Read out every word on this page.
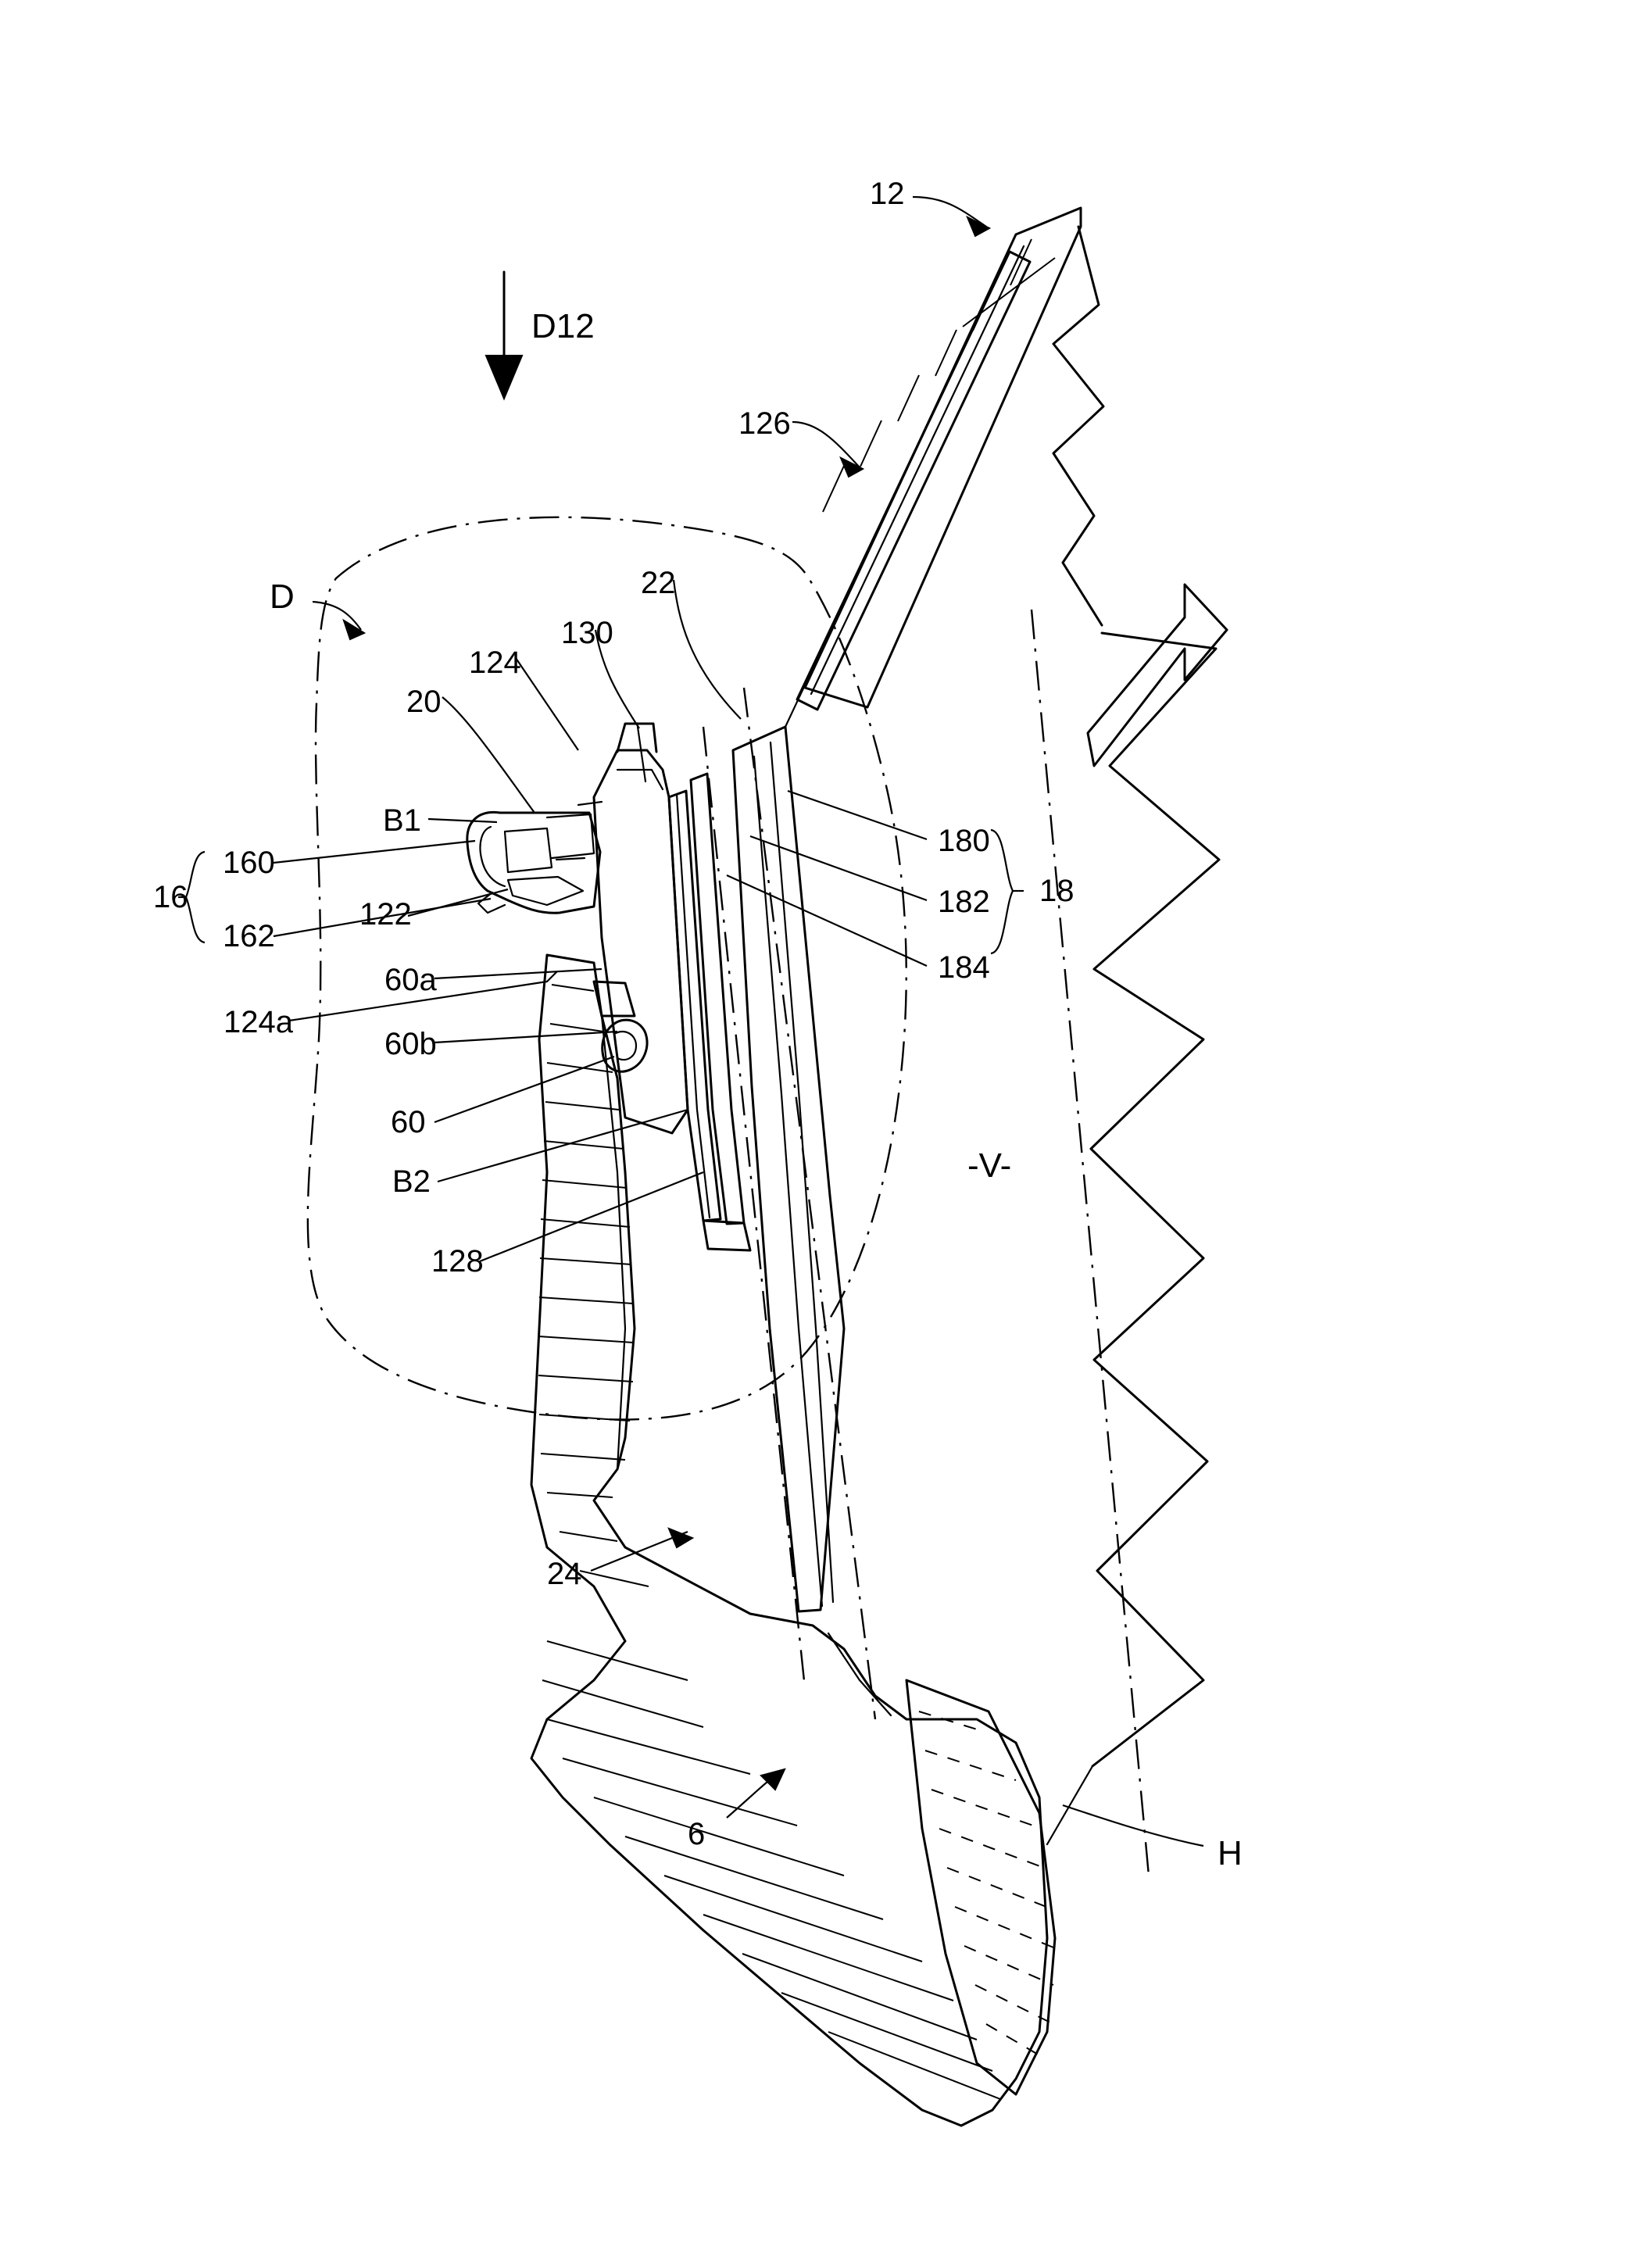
12
D12
126
D	22
130
124
20
B1
16
160
122
162
60a
124a
60b
60
B2
128
180
182 18
184
-V-
24
6	H
